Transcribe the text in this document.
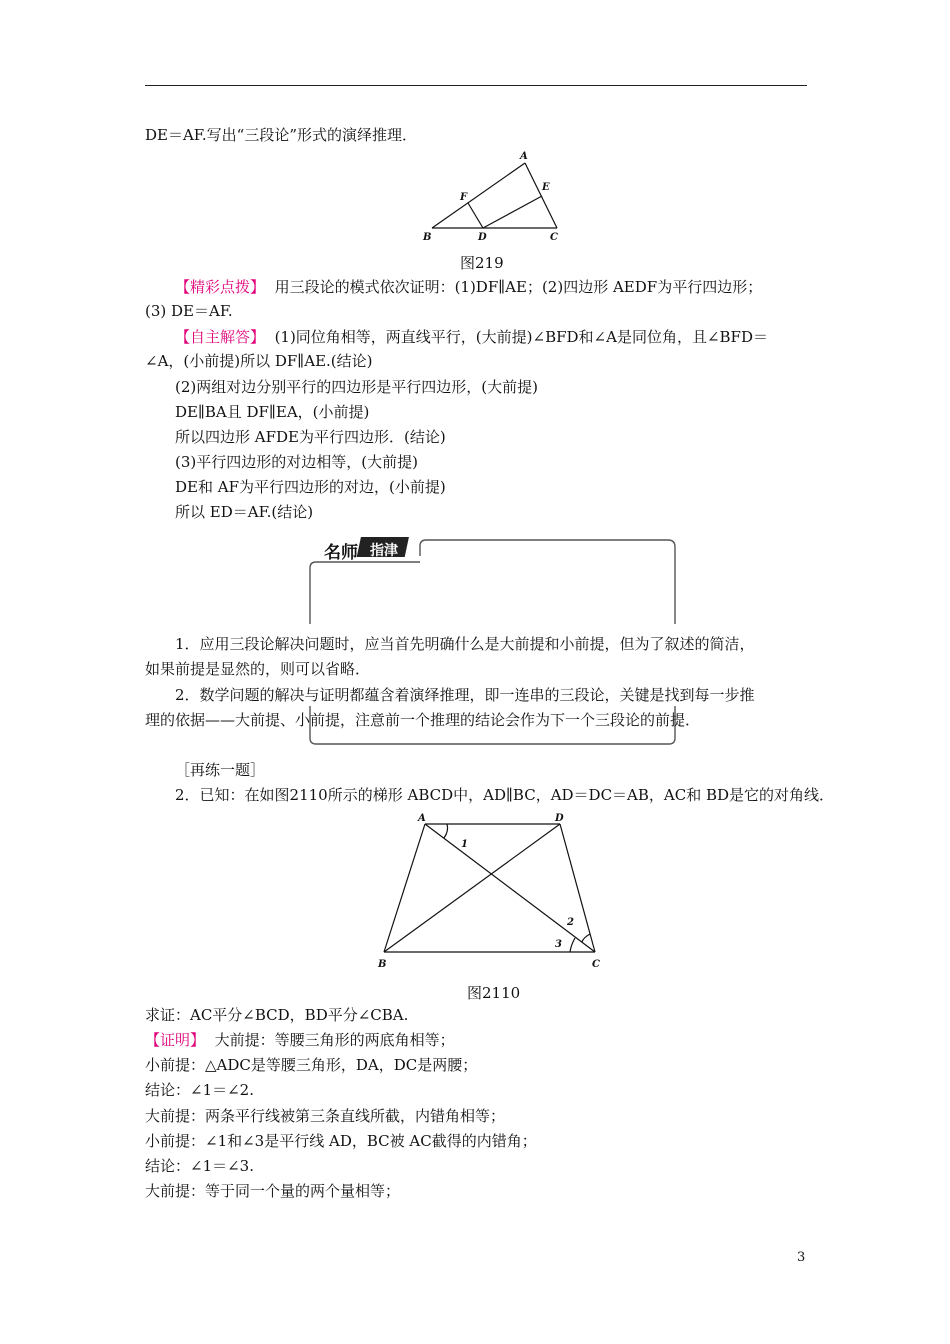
DE＝AF.写出“三段论”形式的演绎推理．
A
B	C
D
E
F
图219
【精彩点拨】 用三段论的模式依次证明：(1)DF∥AE；(2)四边形 AEDF为平行四边形；
(3) DE＝AF.
【自主解答】 (1)同位角相等，两直线平行，(大前提)∠BFD和∠A是同位角，且∠BFD＝
∠A，(小前提)所以 DF∥AE.(结论)
(2)两组对边分别平行的四边形是平行四边形，(大前提)
DE∥BA且 DF∥EA，(小前提)
所以四边形 AFDE为平行四边形．(结论)
(3)平行四边形的对边相等，(大前提)
DE和 AF为平行四边形的对边，(小前提)
所以 ED＝AF.(结论)
名师 指津
1．应用三段论解决问题时，应当首先明确什么是大前提和小前提，但为了叙述的简洁，
如果前提是显然的，则可以省略．
2．数学问题的解决与证明都蕴含着演绎推理，即一连串的三段论，关键是找到每一步推
理的依据——大前提、小前提，注意前一个推理的结论会作为下一个三段论的前提．
［再练一题］
2．已知：在如图2110所示的梯形 ABCD中，AD∥BC，AD＝DC＝AB，AC和 BD是它的对角线．
A	D
B	C
1
2
3
图2110
求证：AC平分∠BCD，BD平分∠CBA.
【证明】 大前提：等腰三角形的两底角相等；
小前提：△ADC是等腰三角形，DA，DC是两腰；
结论：∠1＝∠2.
大前提：两条平行线被第三条直线所截，内错角相等；
小前提：∠1和∠3是平行线 AD，BC被 AC截得的内错角；
结论：∠1＝∠3.
大前提：等于同一个量的两个量相等；
3
